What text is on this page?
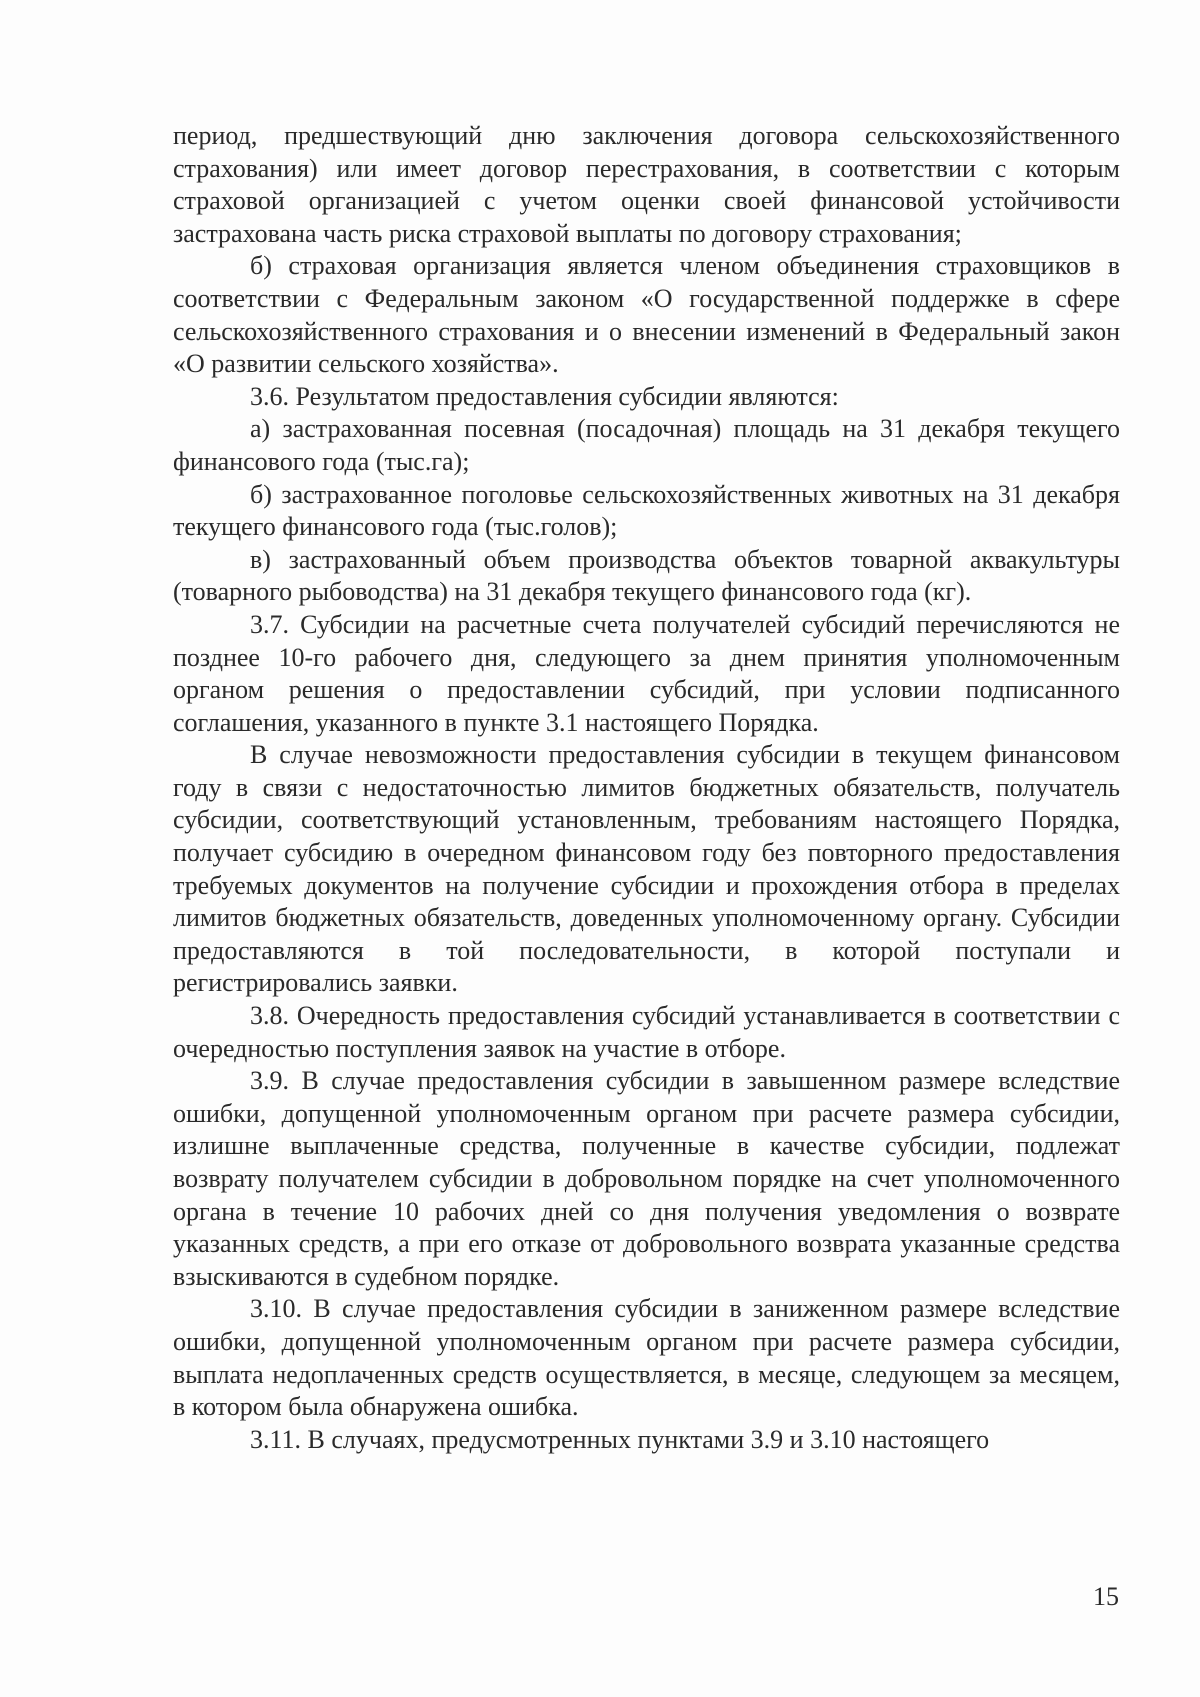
период, предшествующий дню заключения договора сельскохозяйственного страхования) или имеет договор перестрахования, в соответствии с которым страховой организацией с учетом оценки своей финансовой устойчивости застрахована часть риска страховой выплаты по договору страхования;

б) страховая организация является членом объединения страховщиков в соответствии с Федеральным законом «О государственной поддержке в сфере сельскохозяйственного страхования и о внесении изменений в Федеральный закон «О развитии сельского хозяйства».

3.6. Результатом предоставления субсидии являются:

а) застрахованная посевная (посадочная) площадь на 31 декабря текущего финансового года (тыс.га);

б) застрахованное поголовье сельскохозяйственных животных на 31 декабря текущего финансового года (тыс.голов);

в) застрахованный объем производства объектов товарной аквакультуры (товарного рыбоводства) на 31 декабря текущего финансового года (кг).

3.7. Субсидии на расчетные счета получателей субсидий перечисляются не позднее 10-го рабочего дня, следующего за днем принятия уполномоченным органом решения о предоставлении субсидий, при условии подписанного соглашения, указанного в пункте 3.1 настоящего Порядка.

В случае невозможности предоставления субсидии в текущем финансовом году в связи с недостаточностью лимитов бюджетных обязательств, получатель субсидии, соответствующий установленным, требованиям настоящего Порядка, получает субсидию в очередном финансовом году без повторного предоставления требуемых документов на получение субсидии и прохождения отбора в пределах лимитов бюджетных обязательств, доведенных уполномоченному органу. Субсидии предоставляются в той последовательности, в которой поступали и регистрировались заявки.

3.8. Очередность предоставления субсидий устанавливается в соответствии с очередностью поступления заявок на участие в отборе.

3.9. В случае предоставления субсидии в завышенном размере вследствие ошибки, допущенной уполномоченным органом при расчете размера субсидии, излишне выплаченные средства, полученные в качестве субсидии, подлежат возврату получателем субсидии в добровольном порядке на счет уполномоченного органа в течение 10 рабочих дней со дня получения уведомления о возврате указанных средств, а при его отказе от добровольного возврата указанные средства взыскиваются в судебном порядке.

3.10. В случае предоставления субсидии в заниженном размере вследствие ошибки, допущенной уполномоченным органом при расчете размера субсидии, выплата недоплаченных средств осуществляется, в месяце, следующем за месяцем, в котором была обнаружена ошибка.

3.11. В случаях, предусмотренных пунктами 3.9 и 3.10 настоящего

15
